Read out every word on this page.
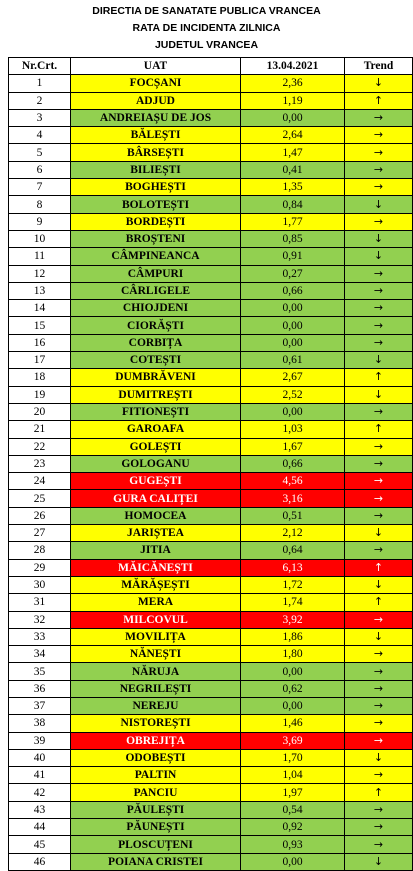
DIRECTIA DE SANATATE PUBLICA VRANCEA
RATA DE INCIDENTA ZILNICA
JUDETUL VRANCEA
Nr.Crt.	UAT	13.04.2021	Trend
1	FOCȘANI	2,36	↓
2	ADJUD	1,19	↑
3	ANDREIAȘU DE JOS	0,00	→
4	BĂLEȘTI	2,64	→
5	BÂRSEȘTI	1,47	→
6	BILIEȘTI	0,41	→
7	BOGHEȘTI	1,35	→
8	BOLOTEȘTI	0,84	↓
9	BORDEȘTI	1,77	→
10	BROȘTENI	0,85	↓
11	CÂMPINEANCA	0,91	↓
12	CÂMPURI	0,27	→
13	CÂRLIGELE	0,66	→
14	CHIOJDENI	0,00	→
15	CIORĂȘTI	0,00	→
16	CORBIȚA	0,00	→
17	COTEȘTI	0,61	↓
18	DUMBRĂVENI	2,67	↑
19	DUMITREȘTI	2,52	↓
20	FITIONEȘTI	0,00	→
21	GAROAFA	1,03	↑
22	GOLEȘTI	1,67	→
23	GOLOGANU	0,66	→
24	GUGEȘTI	4,56	→
25	GURA CALIȚEI	3,16	→
26	HOMOCEA	0,51	→
27	JARIȘTEA	2,12	↓
28	JITIA	0,64	→
29	MĂICĂNEȘTI	6,13	↑
30	MĂRĂȘEȘTI	1,72	↓
31	MERA	1,74	↑
32	MILCOVUL	3,92	→
33	MOVILIȚA	1,86	↓
34	NĂNEȘTI	1,80	→
35	NĂRUJA	0,00	→
36	NEGRILEȘTI	0,62	→
37	NEREJU	0,00	→
38	NISTOREȘTI	1,46	→
39	OBREJIȚA	3,69	→
40	ODOBEȘTI	1,70	↓
41	PALTIN	1,04	→
42	PANCIU	1,97	↑
43	PĂULEȘTI	0,54	→
44	PĂUNEȘTI	0,92	→
45	PLOSCUȚENI	0,93	→
46	POIANA CRISTEI	0,00	↓
